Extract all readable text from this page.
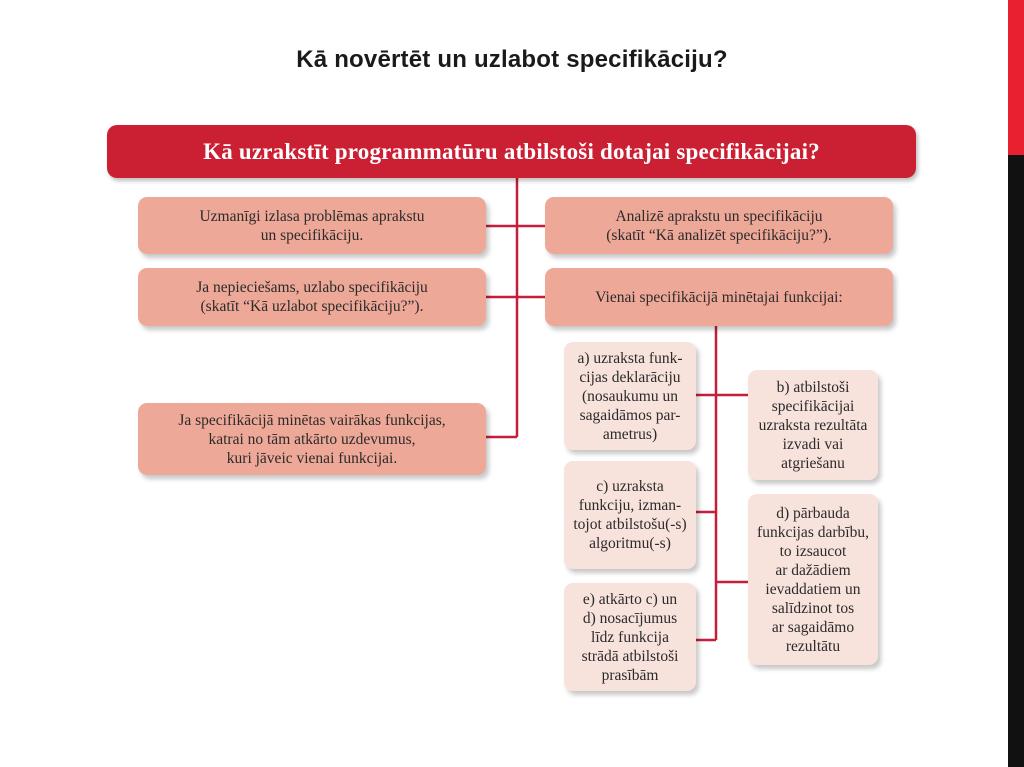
Kā novērtēt un uzlabot specifikāciju?
Kā uzrakstīt programmatūru atbilstoši dotajai specifikācijai?
Uzmanīgi izlasa problēmas aprakstu
un specifikāciju.
Ja nepieciešams, uzlabo specifikāciju
(skatīt “Kā uzlabot specifikāciju?”).
Ja specifikācijā minētas vairākas funkcijas,
katrai no tām atkārto uzdevumus,
kuri jāveic vienai funkcijai.
Analizē aprakstu un specifikāciju
(skatīt “Kā analizēt specifikāciju?”).
Vienai specifikācijā minētajai funkcijai:
a) uzraksta funk-
cijas deklarāciju
(nosaukumu un
sagaidāmos par-
ametrus)
c) uzraksta
funkciju, izman-
tojot atbilstošu(-s)
algoritmu(-s)
e) atkārto c) un
d) nosacījumus
līdz funkcija
strādā atbilstoši
prasībām
b) atbilstoši
specifikācijai
uzraksta rezultāta
izvadi vai
atgriešanu
d) pārbauda
funkcijas darbību,
to izsaucot
ar dažādiem
ievaddatiem un
salīdzinot tos
ar sagaidāmo
rezultātu
